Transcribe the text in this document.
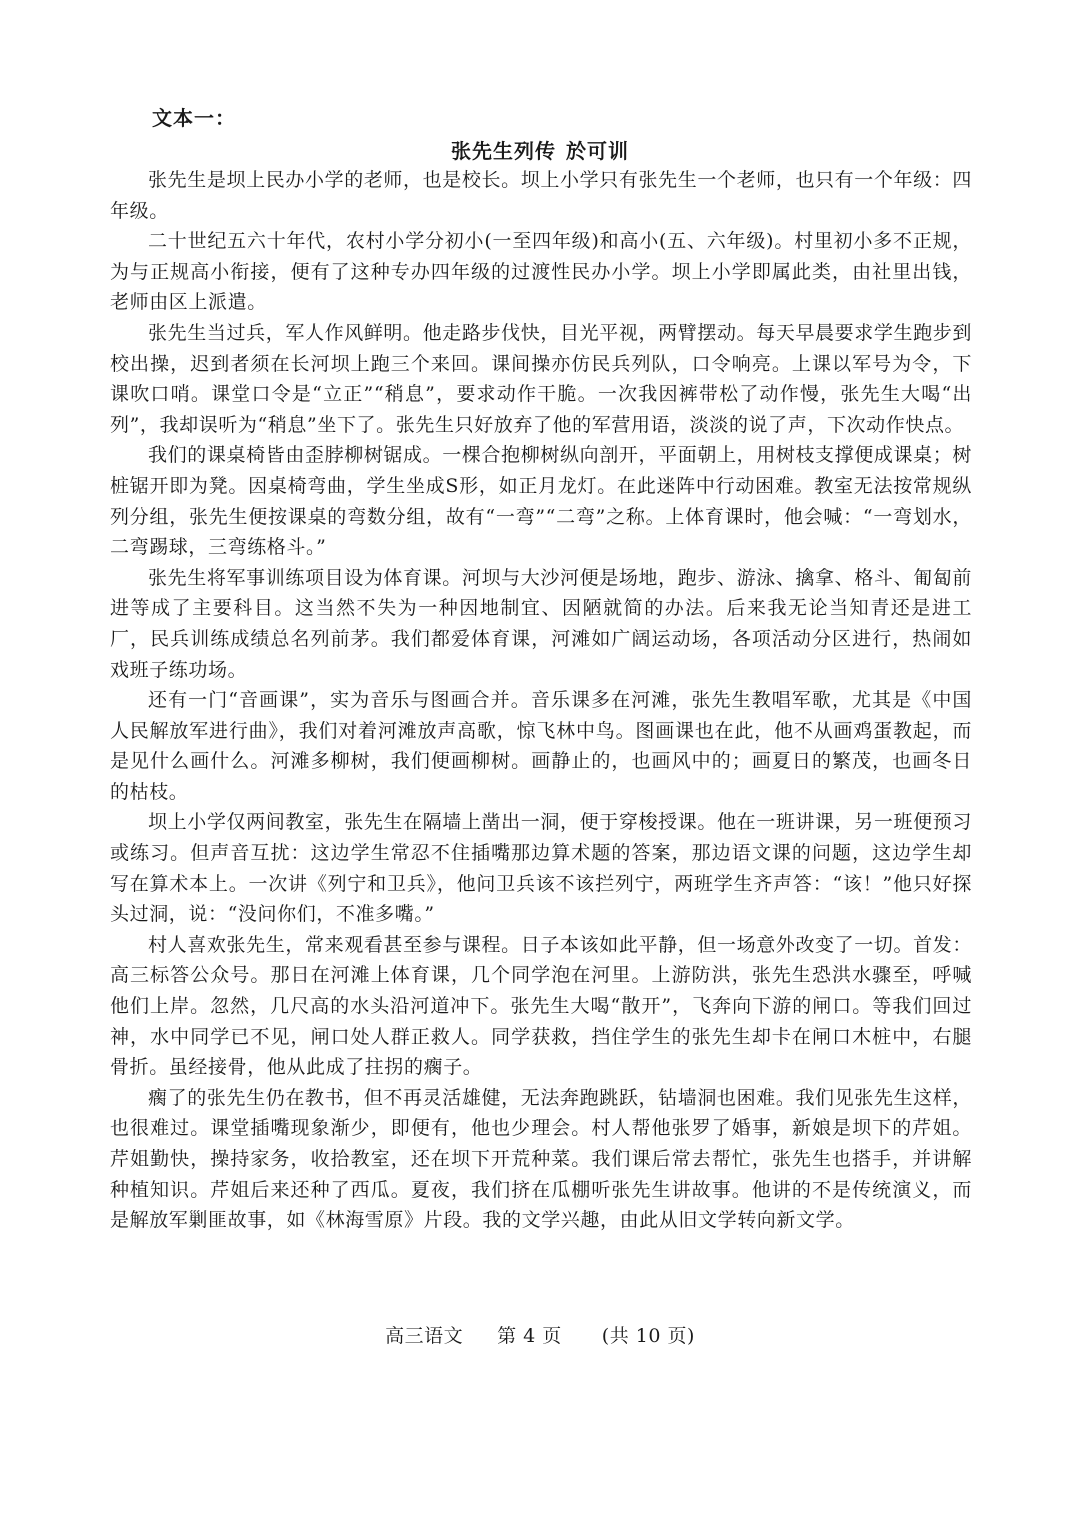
文本一：
张先生列传 於可训

张先生是坝上民办小学的老师，也是校长。坝上小学只有张先生一个老师，也只有一个年级：四年级。

二十世纪五六十年代，农村小学分初小(一至四年级)和高小(五、六年级)。村里初小多不正规，为与正规高小衔接，便有了这种专办四年级的过渡性民办小学。坝上小学即属此类，由社里出钱，老师由区上派遣。

张先生当过兵，军人作风鲜明。他走路步伐快，目光平视，两臂摆动。每天早晨要求学生跑步到校出操，迟到者须在长河坝上跑三个来回。课间操亦仿民兵列队，口令响亮。上课以军号为令，下课吹口哨。课堂口令是“立正”“稍息”，要求动作干脆。一次我因裤带松了动作慢，张先生大喝“出列”，我却误听为“稍息”坐下了。张先生只好放弃了他的军营用语，淡淡的说了声，下次动作快点。

我们的课桌椅皆由歪脖柳树锯成。一棵合抱柳树纵向剖开，平面朝上，用树枝支撑便成课桌；树桩锯开即为凳。因桌椅弯曲，学生坐成S形，如正月龙灯。在此迷阵中行动困难。教室无法按常规纵列分组，张先生便按课桌的弯数分组，故有“一弯”“二弯”之称。上体育课时，他会喊：“一弯划水，二弯踢球，三弯练格斗。”

张先生将军事训练项目设为体育课。河坝与大沙河便是场地，跑步、游泳、擒拿、格斗、匍匐前进等成了主要科目。这当然不失为一种因地制宜、因陋就简的办法。后来我无论当知青还是进工厂，民兵训练成绩总名列前茅。我们都爱体育课，河滩如广阔运动场，各项活动分区进行，热闹如戏班子练功场。

还有一门“音画课”，实为音乐与图画合并。音乐课多在河滩，张先生教唱军歌，尤其是《中国人民解放军进行曲》，我们对着河滩放声高歌，惊飞林中鸟。图画课也在此，他不从画鸡蛋教起，而是见什么画什么。河滩多柳树，我们便画柳树。画静止的，也画风中的；画夏日的繁茂，也画冬日的枯枝。

坝上小学仅两间教室，张先生在隔墙上凿出一洞，便于穿梭授课。他在一班讲课，另一班便预习或练习。但声音互扰：这边学生常忍不住插嘴那边算术题的答案，那边语文课的问题，这边学生却写在算术本上。一次讲《列宁和卫兵》，他问卫兵该不该拦列宁，两班学生齐声答：“该！”他只好探头过洞，说：“没问你们，不准多嘴。”

村人喜欢张先生，常来观看甚至参与课程。日子本该如此平静，但一场意外改变了一切。首发：高三标答公众号。那日在河滩上体育课，几个同学泡在河里。上游防洪，张先生恐洪水骤至，呼喊他们上岸。忽然，几尺高的水头沿河道冲下。张先生大喝“散开”，飞奔向下游的闸口。等我们回过神，水中同学已不见，闸口处人群正救人。同学获救，挡住学生的张先生却卡在闸口木桩中，右腿骨折。虽经接骨，他从此成了拄拐的瘸子。

瘸了的张先生仍在教书，但不再灵活雄健，无法奔跑跳跃，钻墙洞也困难。我们见张先生这样，也很难过。课堂插嘴现象渐少，即便有，他也少理会。村人帮他张罗了婚事，新娘是坝下的芹姐。芹姐勤快，操持家务，收拾教室，还在坝下开荒种菜。我们课后常去帮忙，张先生也搭手，并讲解种植知识。芹姐后来还种了西瓜。夏夜，我们挤在瓜棚听张先生讲故事。他讲的不是传统演义，而是解放军剿匪故事，如《林海雪原》片段。我的文学兴趣，由此从旧文学转向新文学。

高三语文 第 4 页 (共 10 页)
